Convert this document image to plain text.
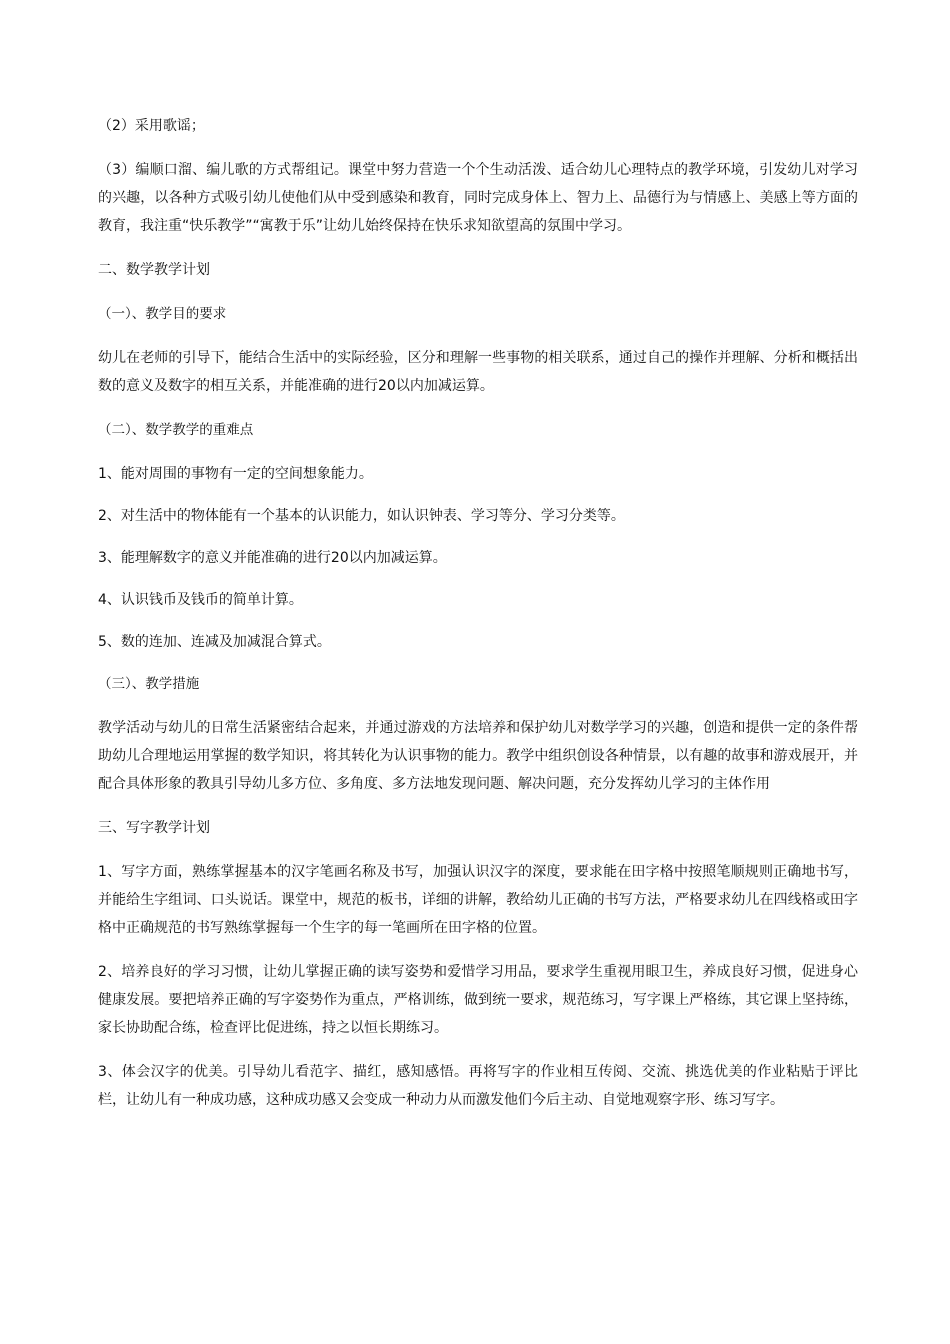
（2）采用歌谣；

（3）编顺口溜、编儿歌的方式帮组记。课堂中努力营造一个个生动活泼、适合幼儿心理特点的教学环境，引发幼儿对学习的兴趣，以各种方式吸引幼儿使他们从中受到感染和教育，同时完成身体上、智力上、品德行为与情感上、美感上等方面的教育，我注重“快乐教学”“寓教于乐”让幼儿始终保持在快乐求知欲望高的氛围中学习。

二、数学教学计划

（一）、教学目的要求

幼儿在老师的引导下，能结合生活中的实际经验，区分和理解一些事物的相关联系，通过自己的操作并理解、分析和概括出数的意义及数字的相互关系，并能准确的进行20以内加减运算。

（二）、数学教学的重难点

1、能对周围的事物有一定的空间想象能力。

2、对生活中的物体能有一个基本的认识能力，如认识钟表、学习等分、学习分类等。

3、能理解数字的意义并能准确的进行20以内加减运算。

4、认识钱币及钱币的简单计算。

5、数的连加、连减及加减混合算式。

（三）、教学措施

教学活动与幼儿的日常生活紧密结合起来，并通过游戏的方法培养和保护幼儿对数学学习的兴趣，创造和提供一定的条件帮助幼儿合理地运用掌握的数学知识，将其转化为认识事物的能力。教学中组织创设各种情景，以有趣的故事和游戏展开，并配合具体形象的教具引导幼儿多方位、多角度、多方法地发现问题、解决问题，充分发挥幼儿学习的主体作用

三、写字教学计划

1、写字方面，熟练掌握基本的汉字笔画名称及书写，加强认识汉字的深度，要求能在田字格中按照笔顺规则正确地书写，并能给生字组词、口头说话。课堂中，规范的板书，详细的讲解，教给幼儿正确的书写方法，严格要求幼儿在四线格或田字格中正确规范的书写熟练掌握每一个生字的每一笔画所在田字格的位置。

2、培养良好的学习习惯，让幼儿掌握正确的读写姿势和爱惜学习用品，要求学生重视用眼卫生，养成良好习惯，促进身心健康发展。要把培养正确的写字姿势作为重点，严格训练，做到统一要求，规范练习，写字课上严格练，其它课上坚持练，家长协助配合练，检查评比促进练，持之以恒长期练习。

3、体会汉字的优美。引导幼儿看范字、描红，感知感悟。再将写字的作业相互传阅、交流、挑选优美的作业粘贴于评比栏，让幼儿有一种成功感，这种成功感又会变成一种动力从而激发他们今后主动、自觉地观察字形、练习写字。
